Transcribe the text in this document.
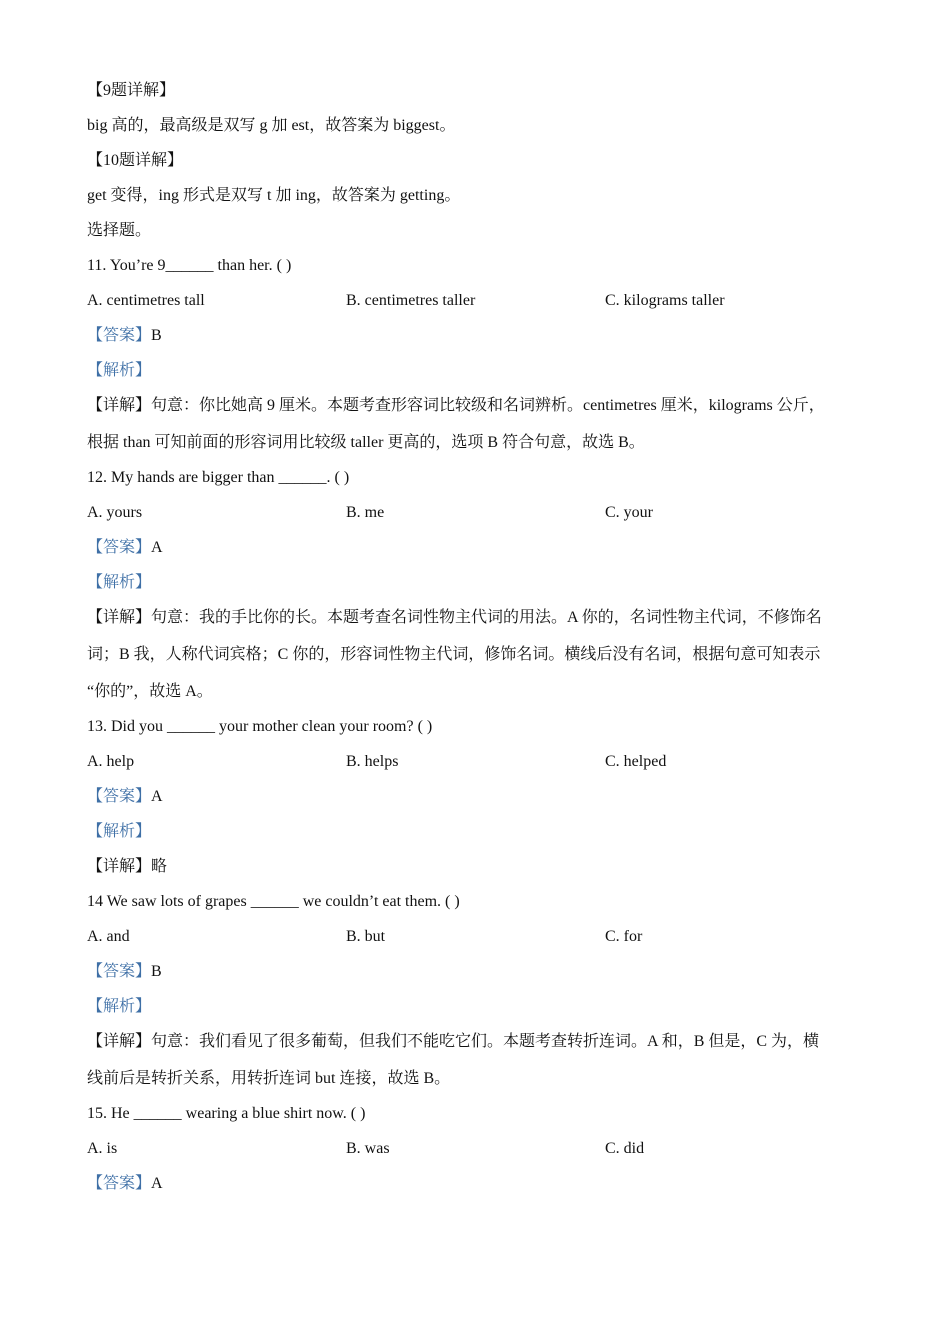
【9题详解】
big 高的，最高级是双写 g 加 est，故答案为 biggest。
【10题详解】
get 变得，ing 形式是双写 t 加 ing，故答案为 getting。
选择题。
11. You’re 9______ than her. ( )
A. centimetres tall	B. centimetres taller	C. kilograms taller
【答案】B
【解析】
【详解】句意：你比她高 9 厘米。本题考查形容词比较级和名词辨析。centimetres 厘米，kilograms 公斤，
根据 than 可知前面的形容词用比较级 taller 更高的，选项 B 符合句意，故选 B。
12. My hands are bigger than ______. ( )
A. yours	B. me	C. your
【答案】A
【解析】
【详解】句意：我的手比你的长。本题考查名词性物主代词的用法。A 你的，名词性物主代词，不修饰名
词；B 我，人称代词宾格；C 你的，形容词性物主代词，修饰名词。横线后没有名词，根据句意可知表示
“你的”，故选 A。
13. Did you ______ your mother clean your room? ( )
A. help	B. helps	C. helped
【答案】A
【解析】
【详解】略
14 We saw lots of grapes ______ we couldn’t eat them. ( )
A. and	B. but	C. for
【答案】B
【解析】
【详解】句意：我们看见了很多葡萄，但我们不能吃它们。本题考查转折连词。A 和，B 但是，C 为，横
线前后是转折关系，用转折连词 but 连接，故选 B。
15. He ______ wearing a blue shirt now. ( )
A. is	B. was	C. did
【答案】A
